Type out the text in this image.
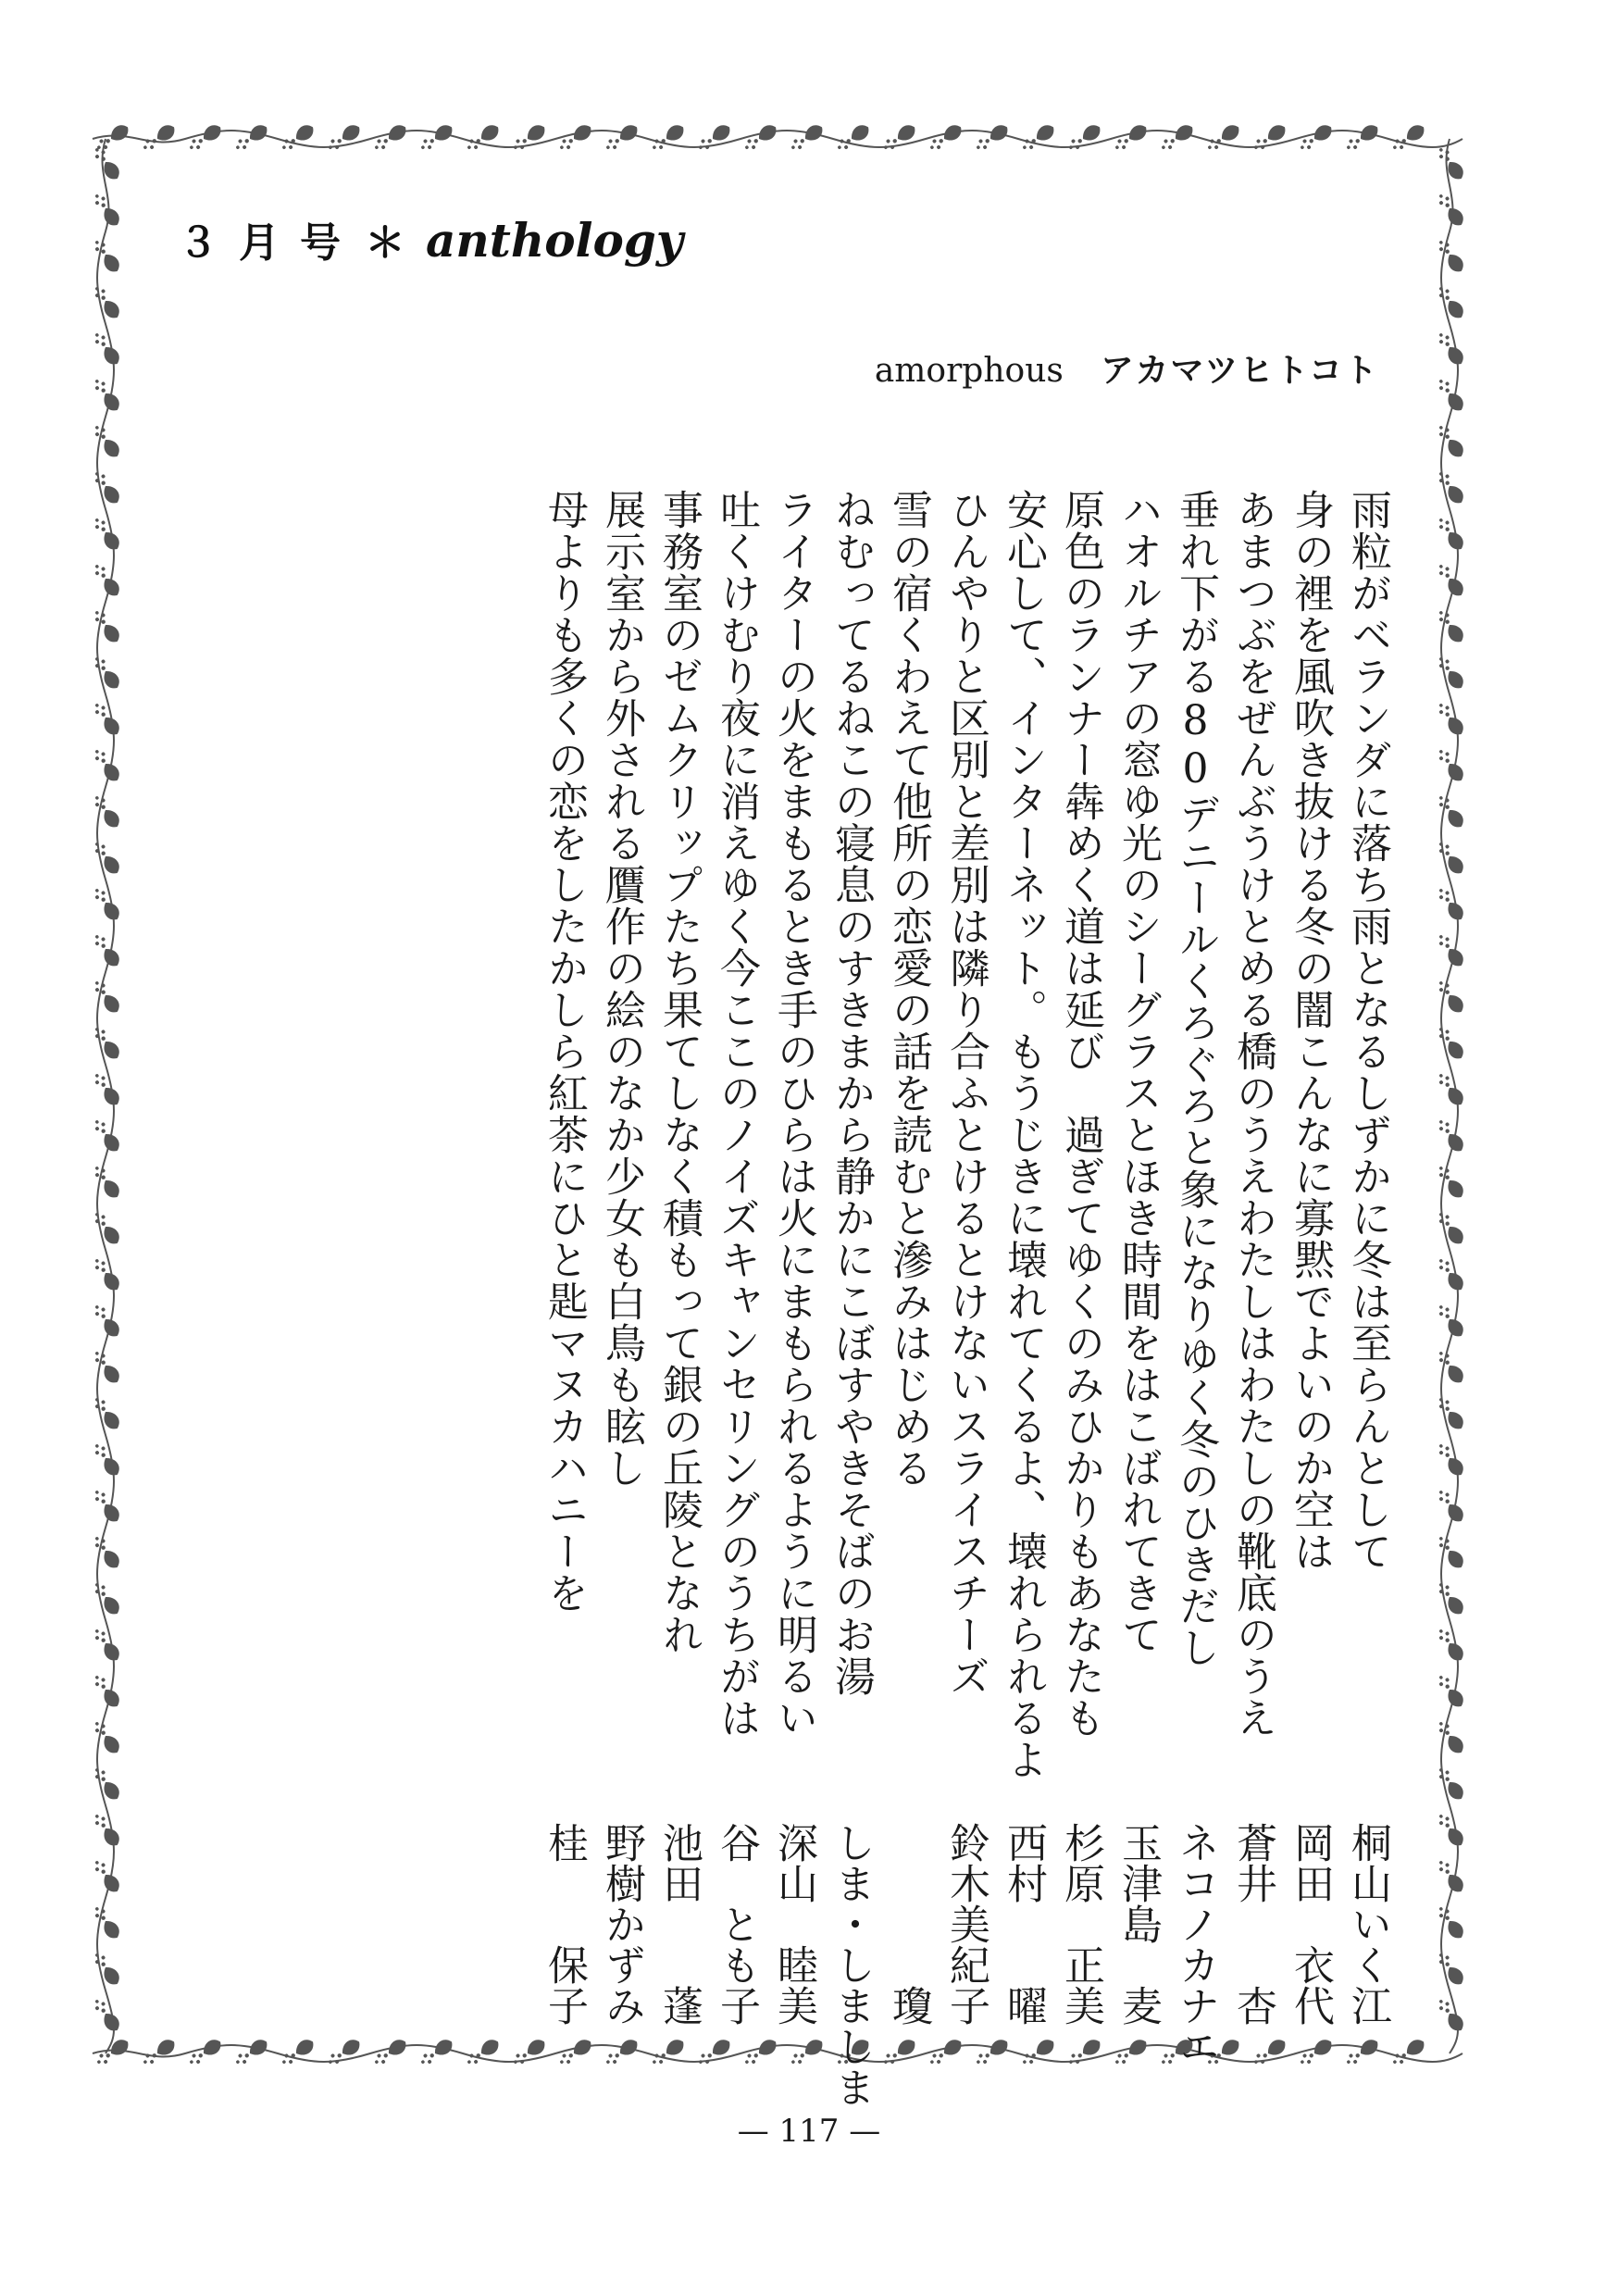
３月号 ＊ anthology
amorphous アカマツヒトコト
雨粒がベランダに落ち雨となるしずかに冬は至らんとして
桐山いく江
身の裡を風吹き抜ける冬の闇こんなに寡黙でよいのか空は
岡田　衣代
あまつぶをぜんぶうけとめる橋のうえわたしはわたしの靴底のうえ
蒼井　　杏
垂れ下がる80デニールくろぐろと象になりゆく冬のひきだし
ネコノカナエ
ハオルチアの窓ゆ光のシーグラスとほき時間をはこばれてきて
玉津島　麦
原色のランナー犇めく道は延び　過ぎてゆくのみひかりもあなたも
杉原　正美
安心して、インターネット。もうじきに壊れてくるよ、壊れられるよ
西村　　曜
ひんやりと区別と差別は隣り合ふとけるとけないスライスチーズ
鈴木美紀子
雪の宿くわえて他所の恋愛の話を読むと滲みはじめる
　　　　瓊
ねむってるねこの寝息のすきまから静かにこぼすやきそばのお湯
しま・しましま
ライターの火をまもるとき手のひらは火にまもられるように明るい
深山　睦美
吐くけむり夜に消えゆく今ここのノイズキャンセリングのうちがは
谷　とも子
事務室のゼムクリップたち果てしなく積もって銀の丘陵となれ
池田　　蓬
展示室から外される贋作の絵のなか少女も白鳥も眩し
野樹かずみ
母よりも多くの恋をしたかしら紅茶にひと匙マヌカハニーを
桂　　保子
— 117 —
